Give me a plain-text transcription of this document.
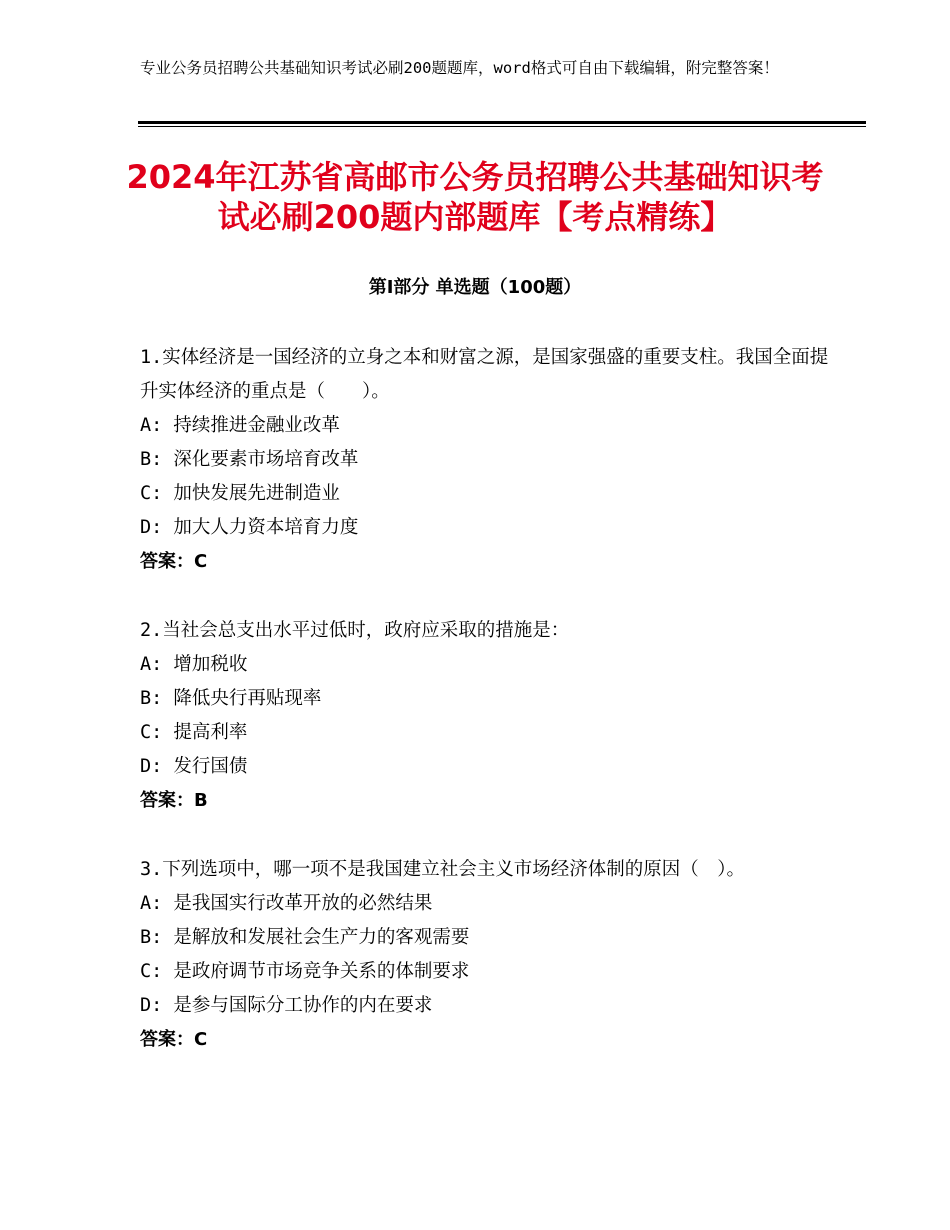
专业公务员招聘公共基础知识考试必刷200题题库，word格式可自由下载编辑，附完整答案！
2024年江苏省高邮市公务员招聘公共基础知识考试必刷200题内部题库【考点精练】
第Ⅰ部分 单选题（100题）

1.实体经济是一国经济的立身之本和财富之源，是国家强盛的重要支柱。我国全面提升实体经济的重点是（　　）。

A: 持续推进金融业改革

B: 深化要素市场培育改革

C: 加快发展先进制造业

D: 加大人力资本培育力度

答案：C

2.当社会总支出水平过低时，政府应采取的措施是：

A: 增加税收

B: 降低央行再贴现率

C: 提高利率

D: 发行国债

答案：B

3.下列选项中，哪一项不是我国建立社会主义市场经济体制的原因（　）。

A: 是我国实行改革开放的必然结果

B: 是解放和发展社会生产力的客观需要

C: 是政府调节市场竞争关系的体制要求

D: 是参与国际分工协作的内在要求

答案：C
